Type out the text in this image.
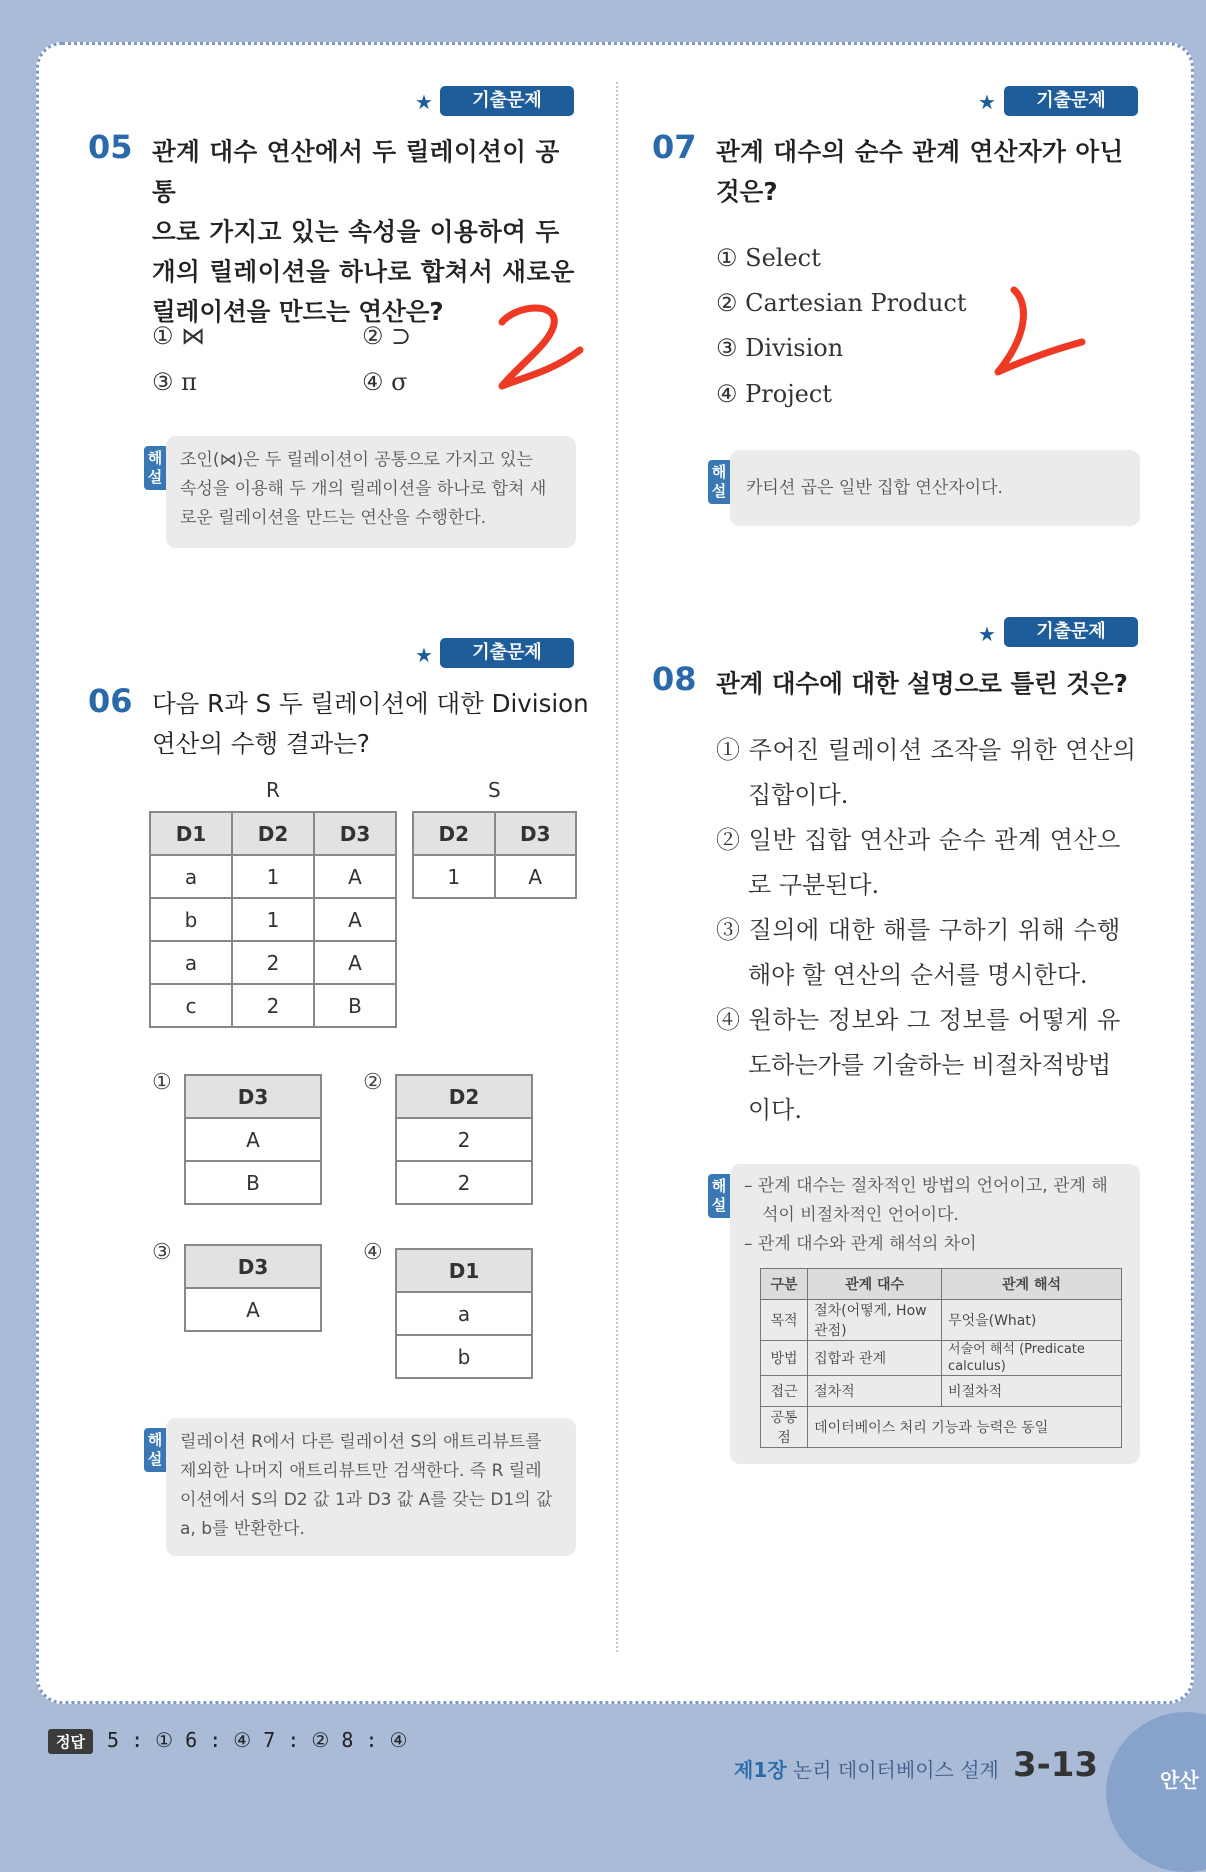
★	기출문제
05 관계 대수 연산에서 두 릴레이션이 공통
으로 가지고 있는 속성을 이용하여 두
개의 릴레이션을 하나로 합쳐서 새로운
릴레이션을 만드는 연산은?
① ⋈	② ⊃
③ π	④ σ
해
설
조인(⋈)은 두 릴레이션이 공통으로 가지고 있는
속성을 이용해 두 개의 릴레이션을 하나로 합쳐 새
로운 릴레이션을 만드는 연산을 수행한다.
★	기출문제
07 관계 대수의 순수 관계 연산자가 아닌
것은?
① Select
② Cartesian Product
③ Division
④ Project
해
설 카티션 곱은 일반 집합 연산자이다.
★	기출문제
06 다음 R과 S 두 릴레이션에 대한 Division
연산의 수행 결과는?
R	S
D1	D2	D3
a	1	A
b	1	A
a	2	A
c	2	B
D2	D3
1	A
①
D3
A
B
②
D2
2
2
③
D3
A
④
D1
a
b
해
설
릴레이션 R에서 다른 릴레이션 S의 애트리뷰트를
제외한 나머지 애트리뷰트만 검색한다. 즉 R 릴레
이션에서 S의 D2 값 1과 D3 값 A를 갖는 D1의 값
a, b를 반환한다.
★	기출문제
08 관계 대수에 대한 설명으로 틀린 것은?
① 주어진 릴레이션 조작을 위한 연산의
집합이다.
② 일반 집합 연산과 순수 관계 연산으
로 구분된다.
③ 질의에 대한 해를 구하기 위해 수행
해야 할 연산의 순서를 명시한다.
④ 원하는 정보와 그 정보를 어떻게 유
도하는가를 기술하는 비절차적방법
이다.
해
설
– 관계 대수는 절차적인 방법의 언어이고, 관계 해
석이 비절차적인 언어이다.
– 관계 대수와 관계 해석의 차이
구분	관계 대수	관계 해석
목적	절차(어떻게, How 관점)	무엇을(What)
방법	집합과 관계	서술어 해석 (Predicate calculus)
접근	절차적	비절차적
공통점	데이터베이스 처리 기능과 능력은 동일	
정답 5 : ① 6 : ④ 7 : ② 8 : ④
제1장 논리 데이터베이스 설계 3-13	안산
